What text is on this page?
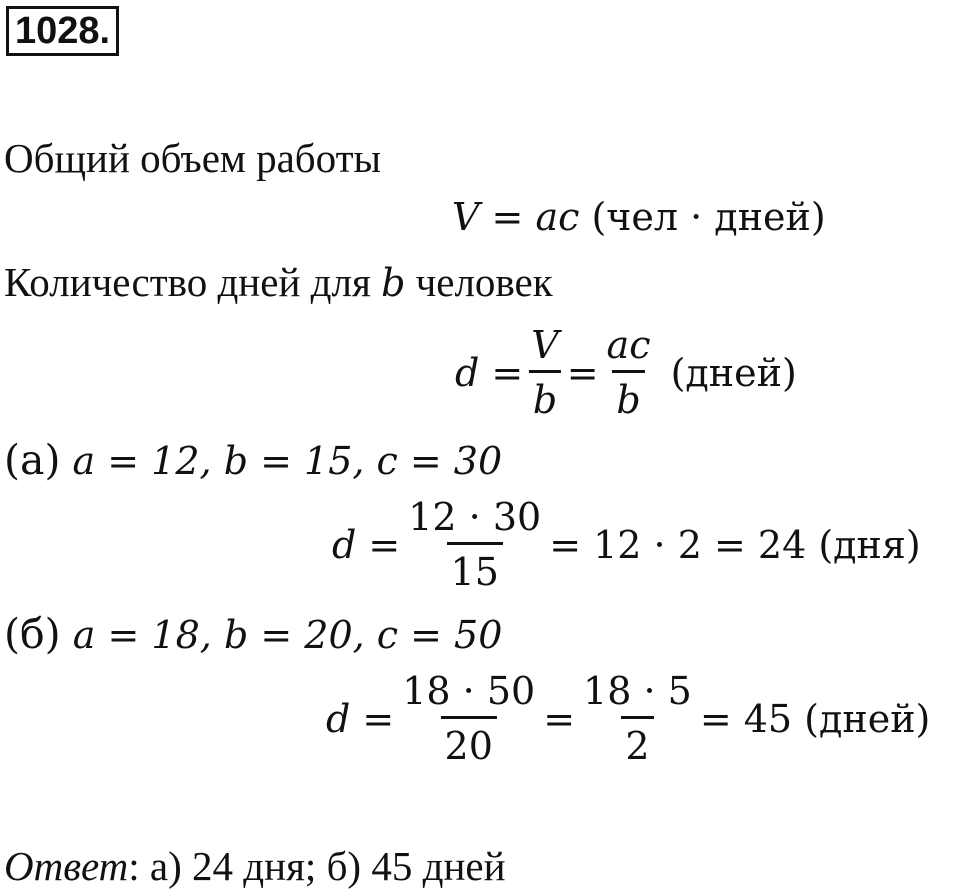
1028.
Общий объем работы
V = ac
(чел · дней)
Количество дней для b человек
$d = \frac{V}{b} = \frac{ac}{b}$
(дней)
(а)
a = 12, b = 15, c = 30
$d = \frac{12 \cdot 30}{15} = 12 \cdot 2 = 24$ (дня)
(б)
a = 18, b = 20, c = 50
$d = \frac{18 \cdot 50}{20} = \frac{18 \cdot 5}{2} = 45$ (дней)
Ответ: а) 24 дня; б) 45 дней
